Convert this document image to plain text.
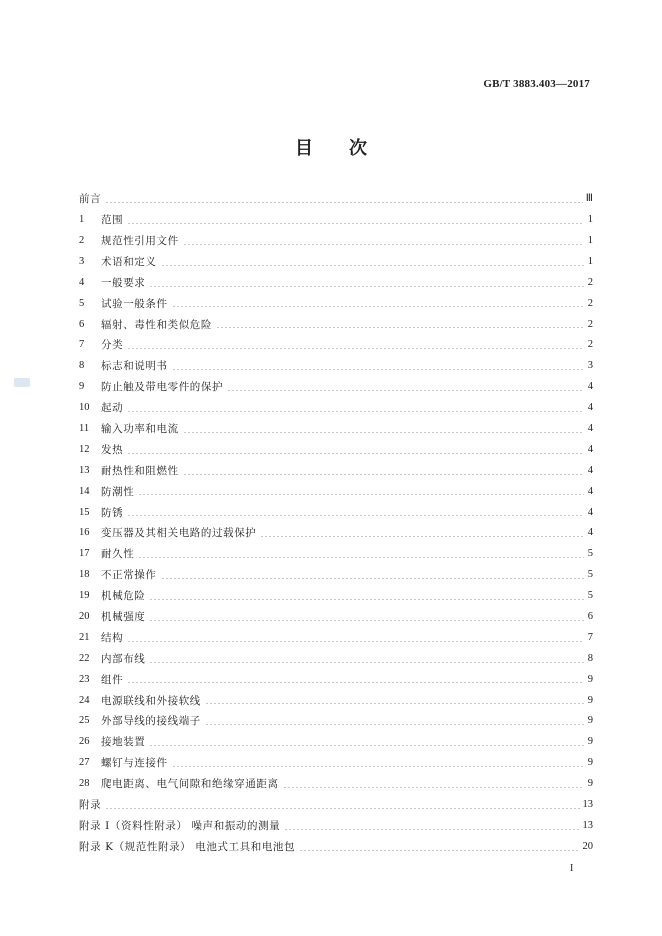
GB/T 3883.403—2017
目次
前言	Ⅲ
1	范围	1
2	规范性引用文件	1
3	术语和定义	1
4	一般要求	2
5	试验一般条件	2
6	辐射、毒性和类似危险	2
7	分类	2
8	标志和说明书	3
9	防止触及带电零件的保护	4
10	起动	4
11	输入功率和电流	4
12	发热	4
13	耐热性和阻燃性	4
14	防潮性	4
15	防锈	4
16	变压器及其相关电路的过载保护	4
17	耐久性	5
18	不正常操作	5
19	机械危险	5
20	机械强度	6
21	结构	7
22	内部布线	8
23	组件	9
24	电源联线和外接软线	9
25	外部导线的接线端子	9
26	接地装置	9
27	螺钉与连接件	9
28	爬电距离、电气间隙和绝缘穿通距离	9
附录	13
附录 I（资料性附录） 噪声和振动的测量	13
附录 K（规范性附录） 电池式工具和电池包	20
I
